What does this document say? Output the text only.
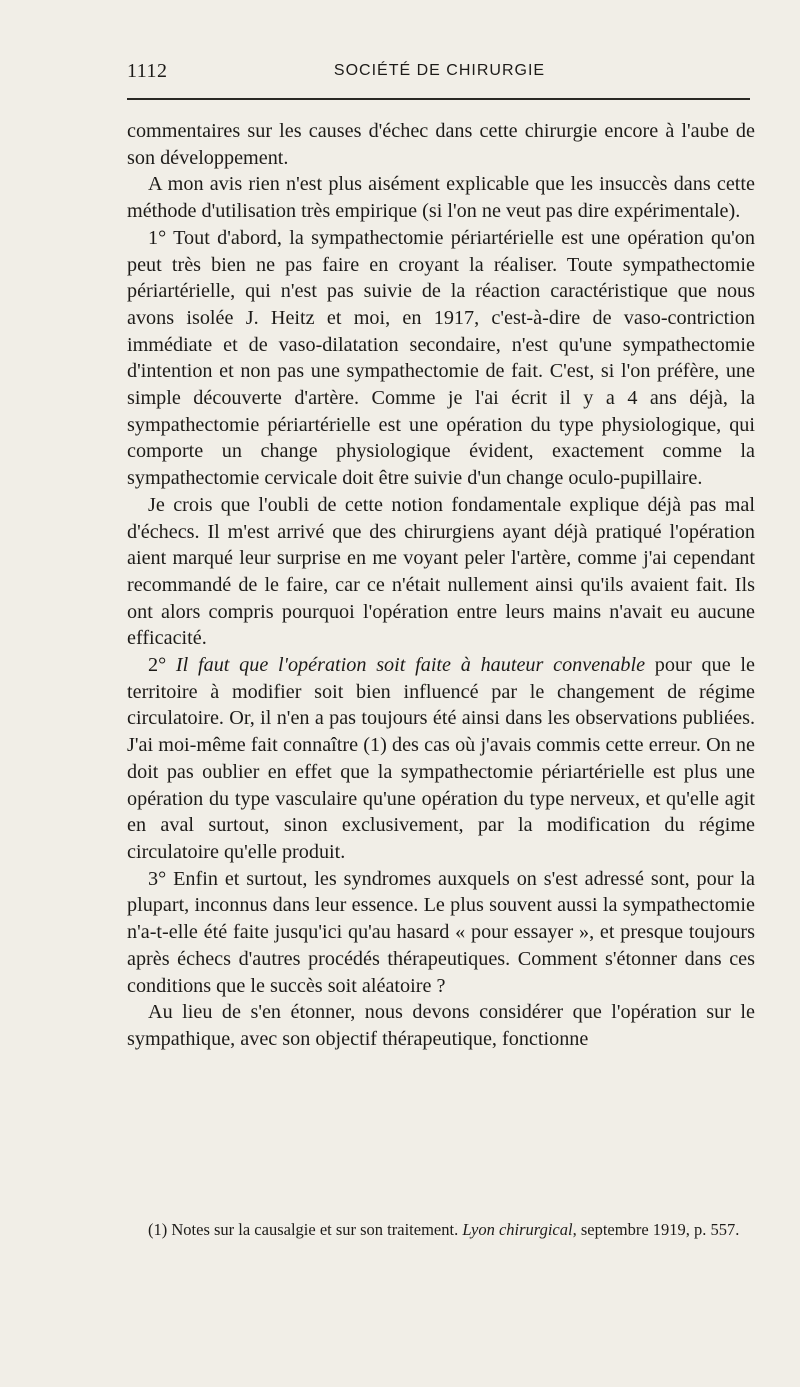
1112	SOCIÉTÉ DE CHIRURGIE

commentaires sur les causes d'échec dans cette chirurgie encore à l'aube de son développement.

A mon avis rien n'est plus aisément explicable que les insuccès dans cette méthode d'utilisation très empirique (si l'on ne veut pas dire expérimentale).

1° Tout d'abord, la sympathectomie périartérielle est une opération qu'on peut très bien ne pas faire en croyant la réaliser. Toute sympathectomie périartérielle, qui n'est pas suivie de la réaction caractéristique que nous avons isolée J. Heitz et moi, en 1917, c'est-à-dire de vaso-contriction immédiate et de vaso-dilatation secondaire, n'est qu'une sympathectomie d'intention et non pas une sympathectomie de fait. C'est, si l'on préfère, une simple découverte d'artère. Comme je l'ai écrit il y a 4 ans déjà, la sympathectomie périartérielle est une opération du type physiologique, qui comporte un change physiologique évident, exactement comme la sympathectomie cervicale doit être suivie d'un change oculo-pupillaire.

Je crois que l'oubli de cette notion fondamentale explique déjà pas mal d'échecs. Il m'est arrivé que des chirurgiens ayant déjà pratiqué l'opération aient marqué leur surprise en me voyant peler l'artère, comme j'ai cependant recommandé de le faire, car ce n'était nullement ainsi qu'ils avaient fait. Ils ont alors compris pourquoi l'opération entre leurs mains n'avait eu aucune efficacité.

2° Il faut que l'opération soit faite à hauteur convenable pour que le territoire à modifier soit bien influencé par le changement de régime circulatoire. Or, il n'en a pas toujours été ainsi dans les observations publiées. J'ai moi-même fait connaître (1) des cas où j'avais commis cette erreur. On ne doit pas oublier en effet que la sympathectomie périartérielle est plus une opération du type vasculaire qu'une opération du type nerveux, et qu'elle agit en aval surtout, sinon exclusivement, par la modification du régime circulatoire qu'elle produit.

3° Enfin et surtout, les syndromes auxquels on s'est adressé sont, pour la plupart, inconnus dans leur essence. Le plus souvent aussi la sympathectomie n'a-t-elle été faite jusqu'ici qu'au hasard « pour essayer », et presque toujours après échecs d'autres procédés thérapeutiques. Comment s'étonner dans ces conditions que le succès soit aléatoire ?

Au lieu de s'en étonner, nous devons considérer que l'opération sur le sympathique, avec son objectif thérapeutique, fonctionne

(1) Notes sur la causalgie et sur son traitement. Lyon chirurgical, septembre 1919, p. 557.
